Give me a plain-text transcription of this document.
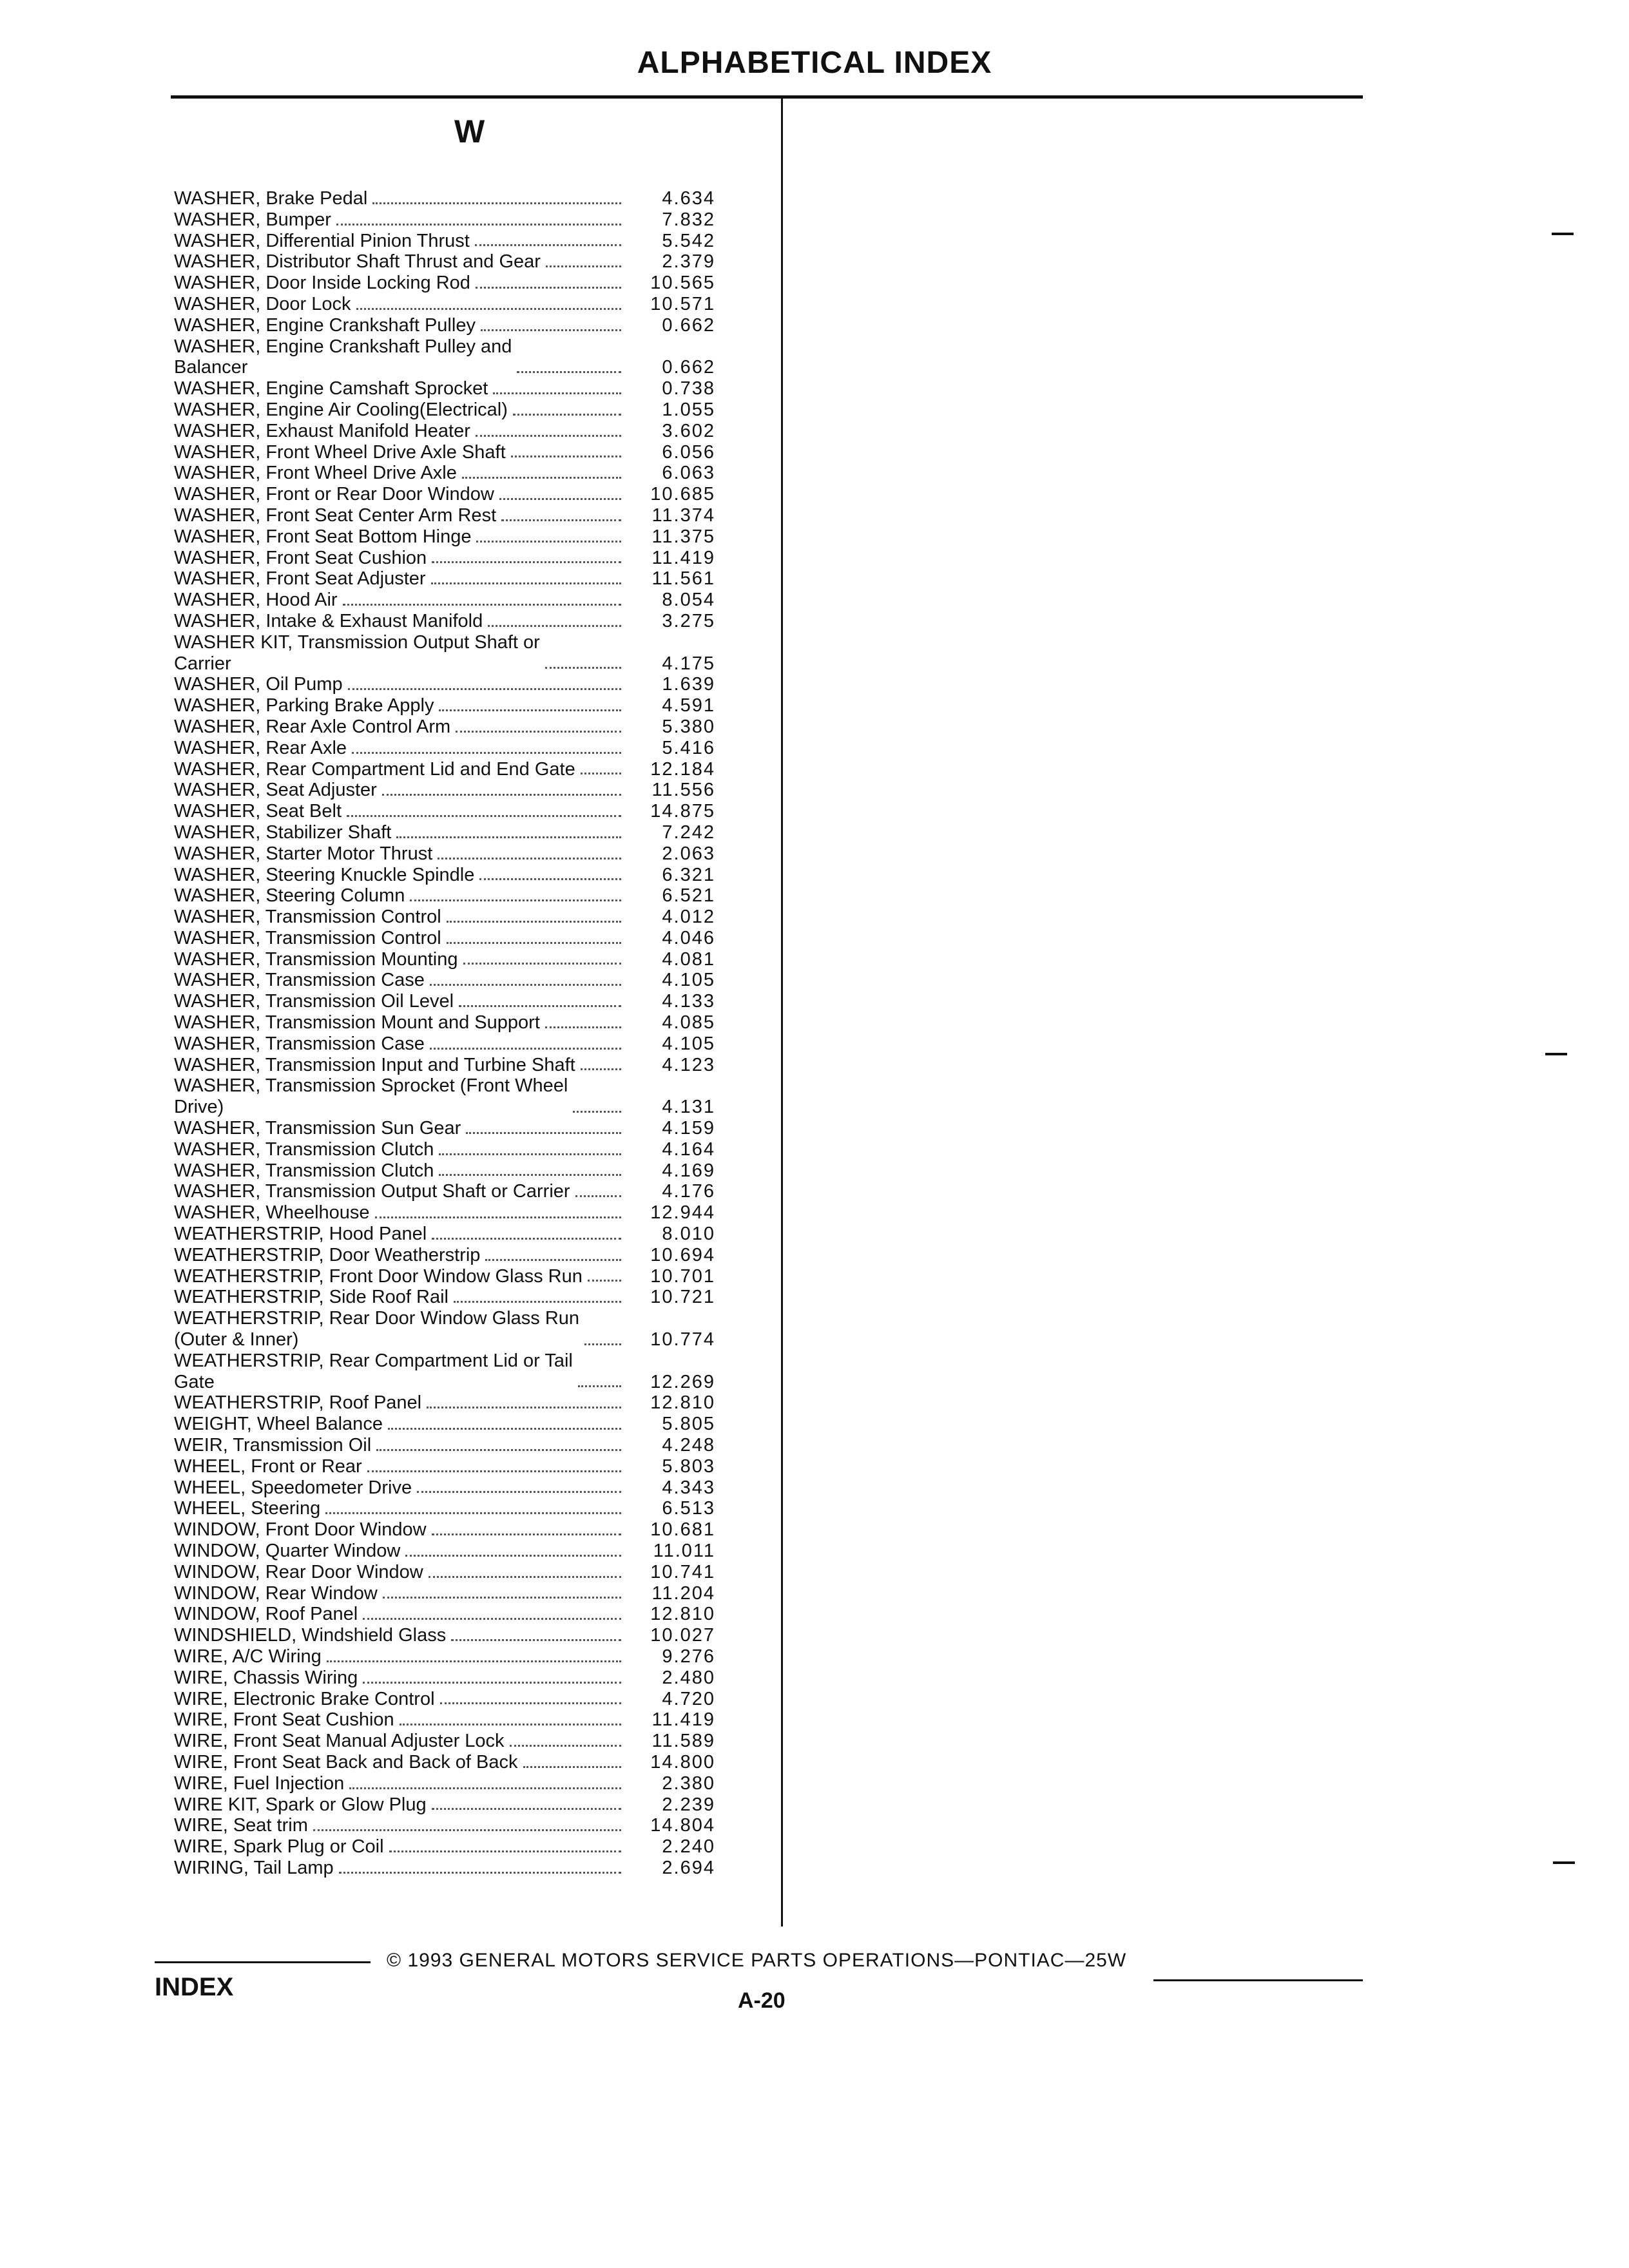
ALPHABETICAL INDEX
W
WASHER, Brake Pedal	4.634
WASHER, Bumper	7.832
WASHER, Differential Pinion Thrust	5.542
WASHER, Distributor Shaft Thrust and Gear	2.379
WASHER, Door Inside Locking Rod	10.565
WASHER, Door Lock	10.571
WASHER, Engine Crankshaft Pulley	0.662
WASHER, Engine Crankshaft Pulley and
Balancer	0.662
WASHER, Engine Camshaft Sprocket	0.738
WASHER, Engine Air Cooling(Electrical)	1.055
WASHER, Exhaust Manifold Heater	3.602
WASHER, Front Wheel Drive Axle Shaft	6.056
WASHER, Front Wheel Drive Axle	6.063
WASHER, Front or Rear Door Window	10.685
WASHER, Front Seat Center Arm Rest	11.374
WASHER, Front Seat Bottom Hinge	11.375
WASHER, Front Seat Cushion	11.419
WASHER, Front Seat Adjuster	11.561
WASHER, Hood Air	8.054
WASHER, Intake & Exhaust Manifold	3.275
WASHER KIT, Transmission Output Shaft or
Carrier	4.175
WASHER, Oil Pump	1.639
WASHER, Parking Brake Apply	4.591
WASHER, Rear Axle Control Arm	5.380
WASHER, Rear Axle	5.416
WASHER, Rear Compartment Lid and End Gate	12.184
WASHER, Seat Adjuster	11.556
WASHER, Seat Belt	14.875
WASHER, Stabilizer Shaft	7.242
WASHER, Starter Motor Thrust	2.063
WASHER, Steering Knuckle Spindle	6.321
WASHER, Steering Column	6.521
WASHER, Transmission Control	4.012
WASHER, Transmission Control	4.046
WASHER, Transmission Mounting	4.081
WASHER, Transmission Case	4.105
WASHER, Transmission Oil Level	4.133
WASHER, Transmission Mount and Support	4.085
WASHER, Transmission Case	4.105
WASHER, Transmission Input and Turbine Shaft	4.123
WASHER, Transmission Sprocket (Front Wheel
Drive)	4.131
WASHER, Transmission Sun Gear	4.159
WASHER, Transmission Clutch	4.164
WASHER, Transmission Clutch	4.169
WASHER, Transmission Output Shaft or Carrier	4.176
WASHER, Wheelhouse	12.944
WEATHERSTRIP, Hood Panel	8.010
WEATHERSTRIP, Door Weatherstrip	10.694
WEATHERSTRIP, Front Door Window Glass Run	10.701
WEATHERSTRIP, Side Roof Rail	10.721
WEATHERSTRIP, Rear Door Window Glass Run
(Outer & Inner)	10.774
WEATHERSTRIP, Rear Compartment Lid or Tail
Gate	12.269
WEATHERSTRIP, Roof Panel	12.810
WEIGHT, Wheel Balance	5.805
WEIR, Transmission Oil	4.248
WHEEL, Front or Rear	5.803
WHEEL, Speedometer Drive	4.343
WHEEL, Steering	6.513
WINDOW, Front Door Window	10.681
WINDOW, Quarter Window	11.011
WINDOW, Rear Door Window	10.741
WINDOW, Rear Window	11.204
WINDOW, Roof Panel	12.810
WINDSHIELD, Windshield Glass	10.027
WIRE, A/C Wiring	9.276
WIRE, Chassis Wiring	2.480
WIRE, Electronic Brake Control	4.720
WIRE, Front Seat Cushion	11.419
WIRE, Front Seat Manual Adjuster Lock	11.589
WIRE, Front Seat Back and Back of Back	14.800
WIRE, Fuel Injection	2.380
WIRE KIT, Spark or Glow Plug	2.239
WIRE, Seat trim	14.804
WIRE, Spark Plug or Coil	2.240
WIRING, Tail Lamp	2.694
© 1993 GENERAL MOTORS SERVICE PARTS OPERATIONS—PONTIAC—25W
INDEX	A-20
